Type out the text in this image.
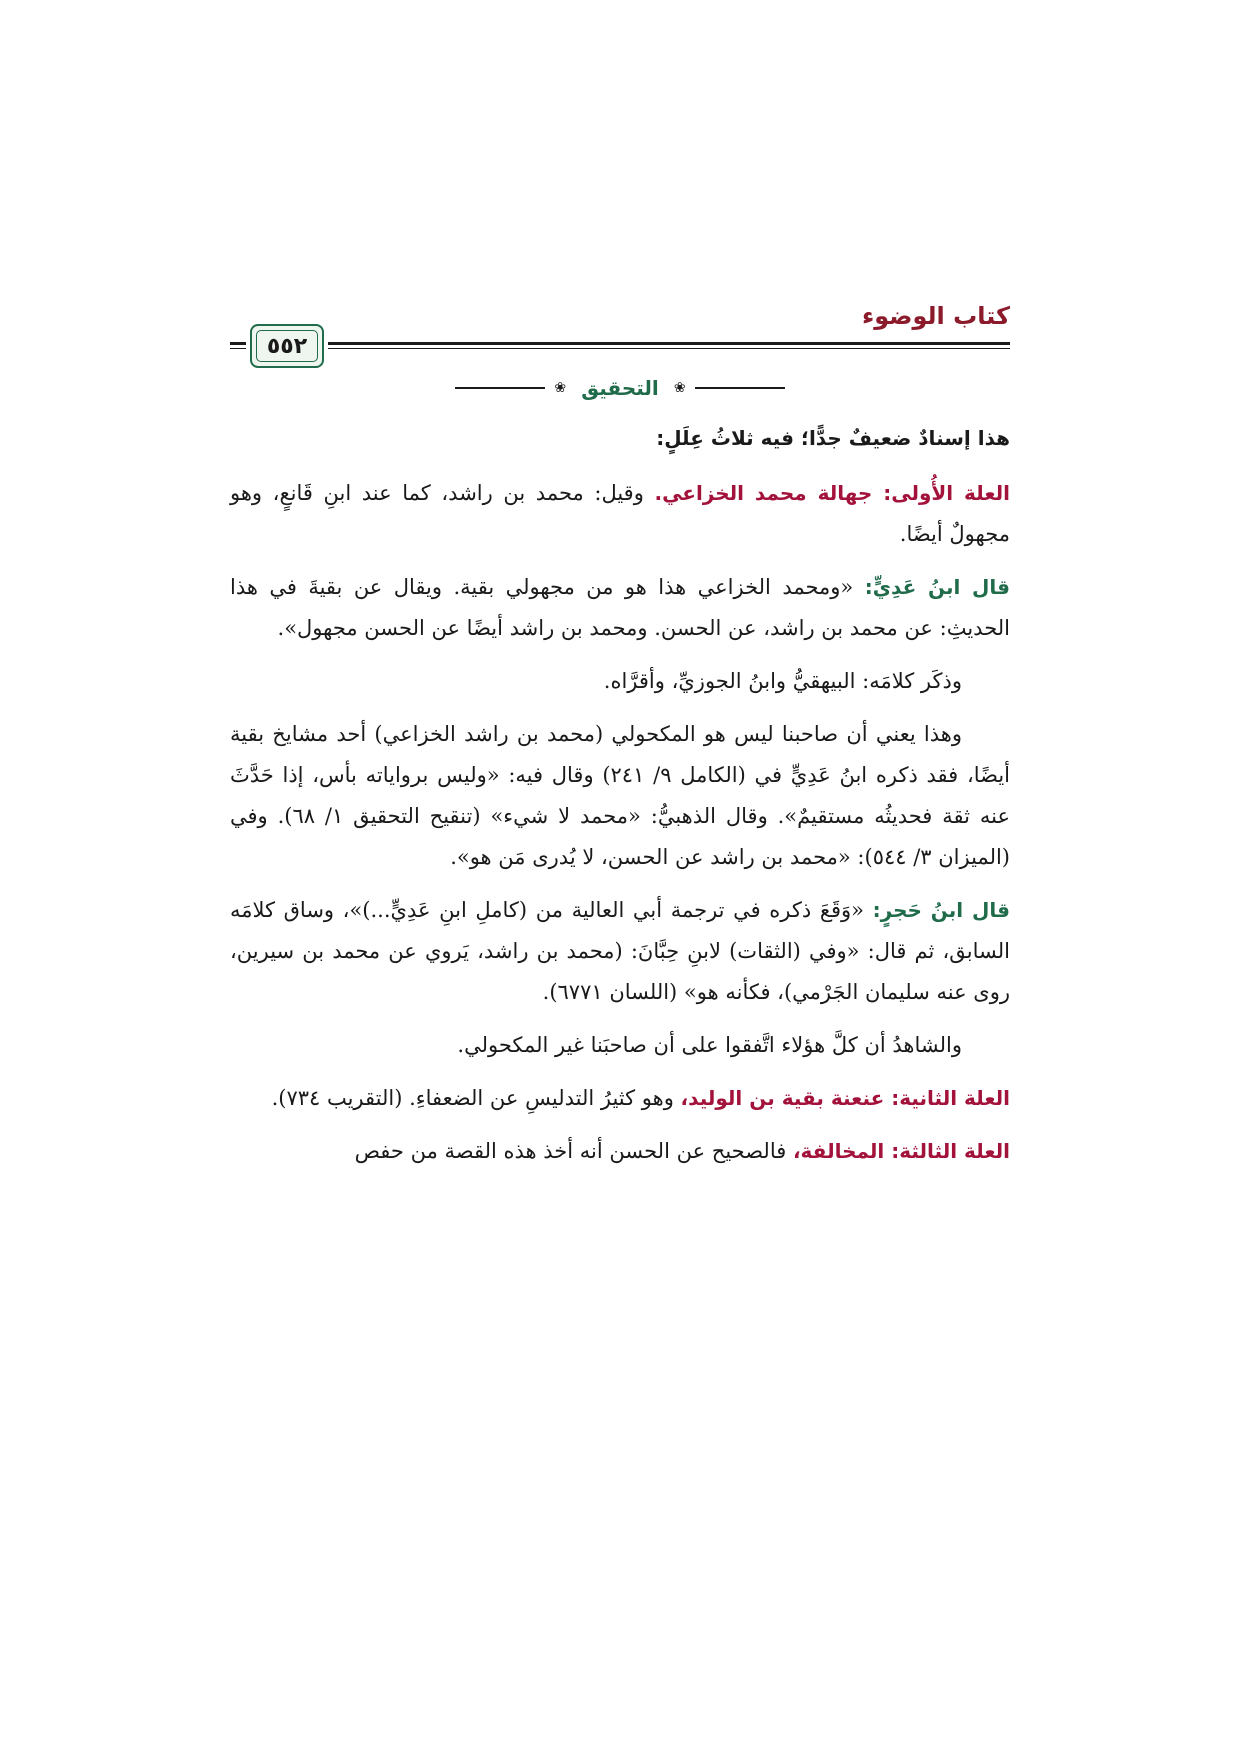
كتاب الوضوء
٥٥٢
❀ التحقيق ❀

هذا إسنادٌ ضعيفٌ جدًّا؛ فيه ثلاثُ عِلَلٍ:

العلة الأُولى: جهالة محمد الخزاعي. وقيل: محمد بن راشد، كما عند ابنِ قَانعٍ، وهو مجهولٌ أيضًا.

قال ابنُ عَدِيٍّ: «ومحمد الخزاعي هذا هو من مجهولي بقية. ويقال عن بقيةَ في هذا الحديثِ: عن محمد بن راشد، عن الحسن. ومحمد بن راشد أيضًا عن الحسن مجهول».

وذكَر كلامَه: البيهقيُّ وابنُ الجوزيِّ، وأقرَّاه.

وهذا يعني أن صاحبنا ليس هو المكحولي (محمد بن راشد الخزاعي) أحد مشايخ بقية أيضًا، فقد ذكره ابنُ عَدِيٍّ في (الكامل ٩/ ٢٤١) وقال فيه: «وليس برواياته بأس، إذا حَدَّثَ عنه ثقة فحديثُه مستقيمٌ». وقال الذهبيُّ: «محمد لا شيء» (تنقيح التحقيق ١/ ٦٨). وفي (الميزان ٣/ ٥٤٤): «محمد بن راشد عن الحسن، لا يُدرى مَن هو».

قال ابنُ حَجرٍ: «وَقَعَ ذكره في ترجمة أبي العالية من (كاملِ ابنِ عَدِيٍّ...)»، وساق كلامَه السابق، ثم قال: «وفي (الثقات) لابنِ حِبَّانَ: (محمد بن راشد، يَروي عن محمد بن سيرين، روى عنه سليمان الجَرْمي)، فكأنه هو» (اللسان ٦٧٧١).

والشاهدُ أن كلَّ هؤلاء اتَّفقوا على أن صاحبَنا غير المكحولي.

العلة الثانية: عنعنة بقية بن الوليد، وهو كثيرُ التدليسِ عن الضعفاءِ. (التقريب ٧٣٤).

العلة الثالثة: المخالفة، فالصحيح عن الحسن أنه أخذ هذه القصة من حفص
